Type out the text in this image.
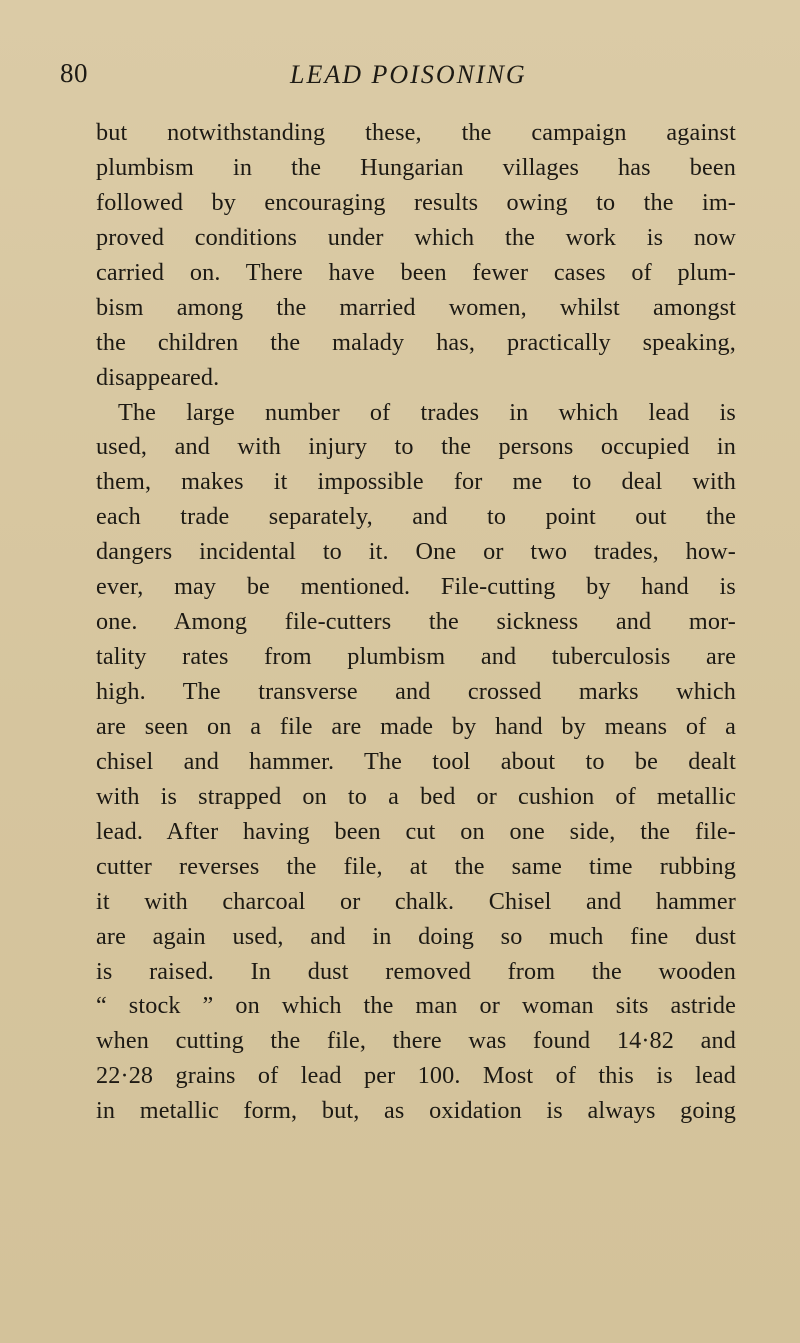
80	LEAD POISONING
but notwithstanding these, the campaign against
plumbism in the Hungarian villages has been
followed by encouraging results owing to the im-
proved conditions under which the work is now
carried on. There have been fewer cases of plum-
bism among the married women, whilst amongst
the children the malady has, practically speaking,
disappeared.
The large number of trades in which lead is
used, and with injury to the persons occupied in
them, makes it impossible for me to deal with
each trade separately, and to point out the
dangers incidental to it. One or two trades, how-
ever, may be mentioned. File-cutting by hand is
one. Among file-cutters the sickness and mor-
tality rates from plumbism and tuberculosis are
high. The transverse and crossed marks which
are seen on a file are made by hand by means of a
chisel and hammer. The tool about to be dealt
with is strapped on to a bed or cushion of metallic
lead. After having been cut on one side, the file-
cutter reverses the file, at the same time rubbing
it with charcoal or chalk. Chisel and hammer
are again used, and in doing so much fine dust
is raised. In dust removed from the wooden
“ stock ” on which the man or woman sits astride
when cutting the file, there was found 14·82 and
22·28 grains of lead per 100. Most of this is lead
in metallic form, but, as oxidation is always going
